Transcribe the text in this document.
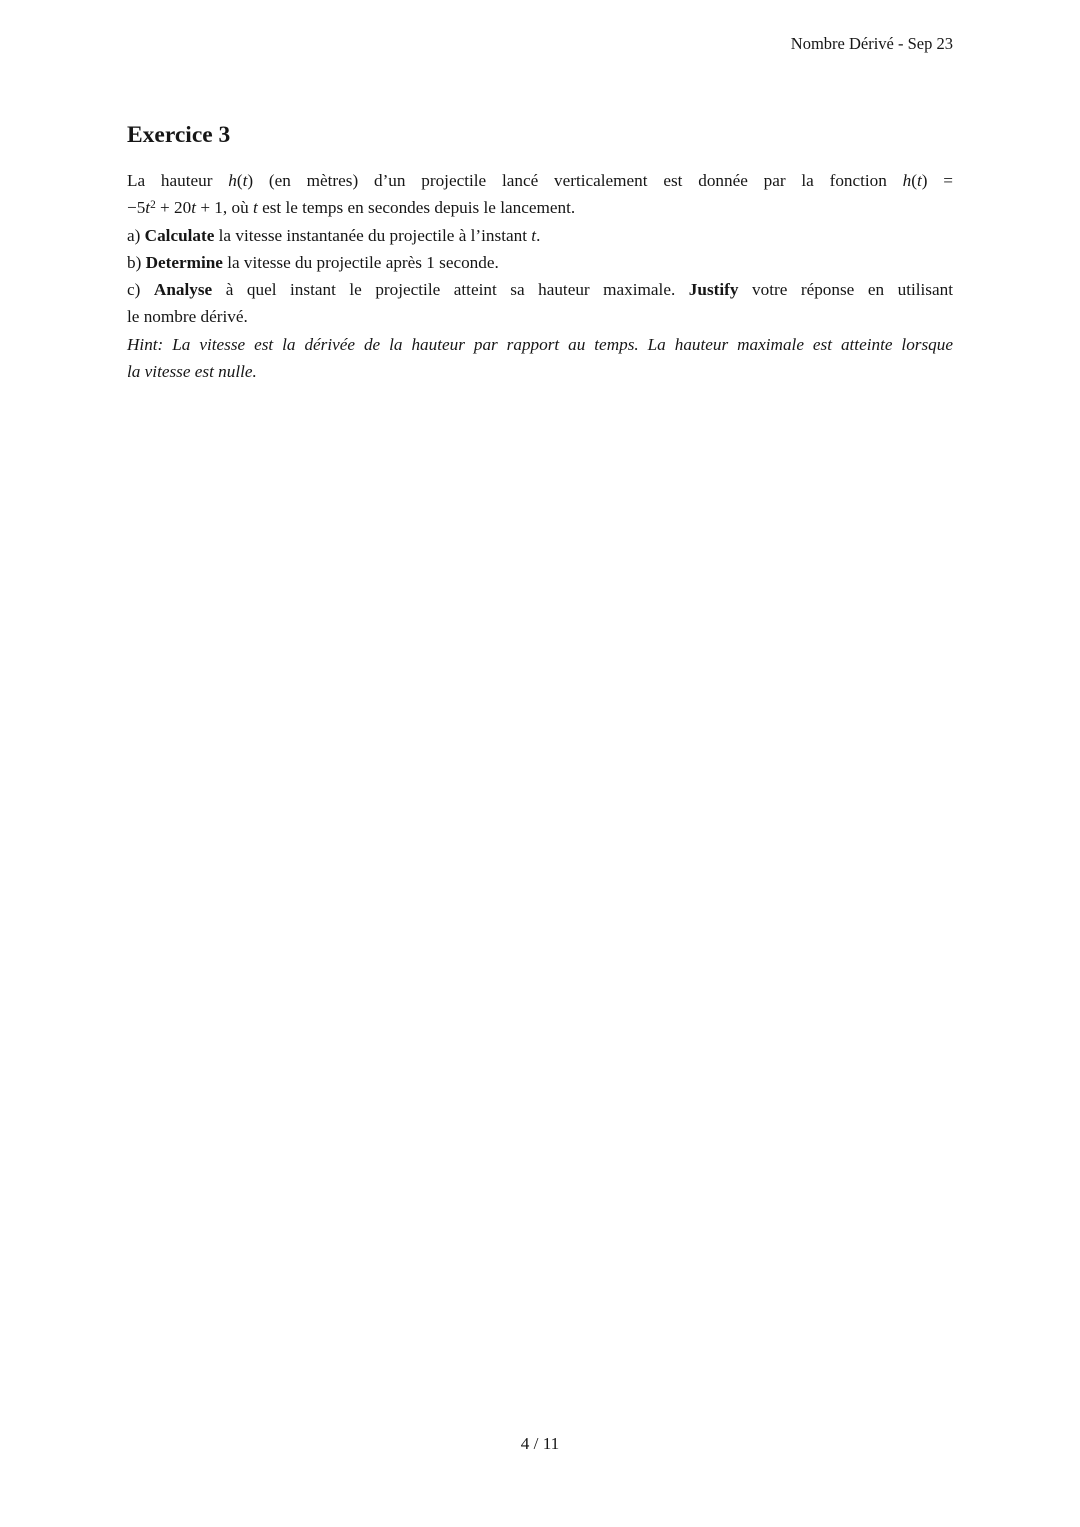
Nombre Dérivé - Sep 23
Exercice 3
La hauteur h(t) (en mètres) d’un projectile lancé verticalement est donnée par la fonction h(t) =
$-5t^2 + 20t + 1$, où t est le temps en secondes depuis le lancement.
a) Calculate la vitesse instantanée du projectile à l’instant t.
b) Determine la vitesse du projectile après 1 seconde.
c) Analyse à quel instant le projectile atteint sa hauteur maximale. Justify votre réponse en utilisant
le nombre dérivé.
Hint: La vitesse est la dérivée de la hauteur par rapport au temps. La hauteur maximale est atteinte lorsque
la vitesse est nulle.
4 / 11
